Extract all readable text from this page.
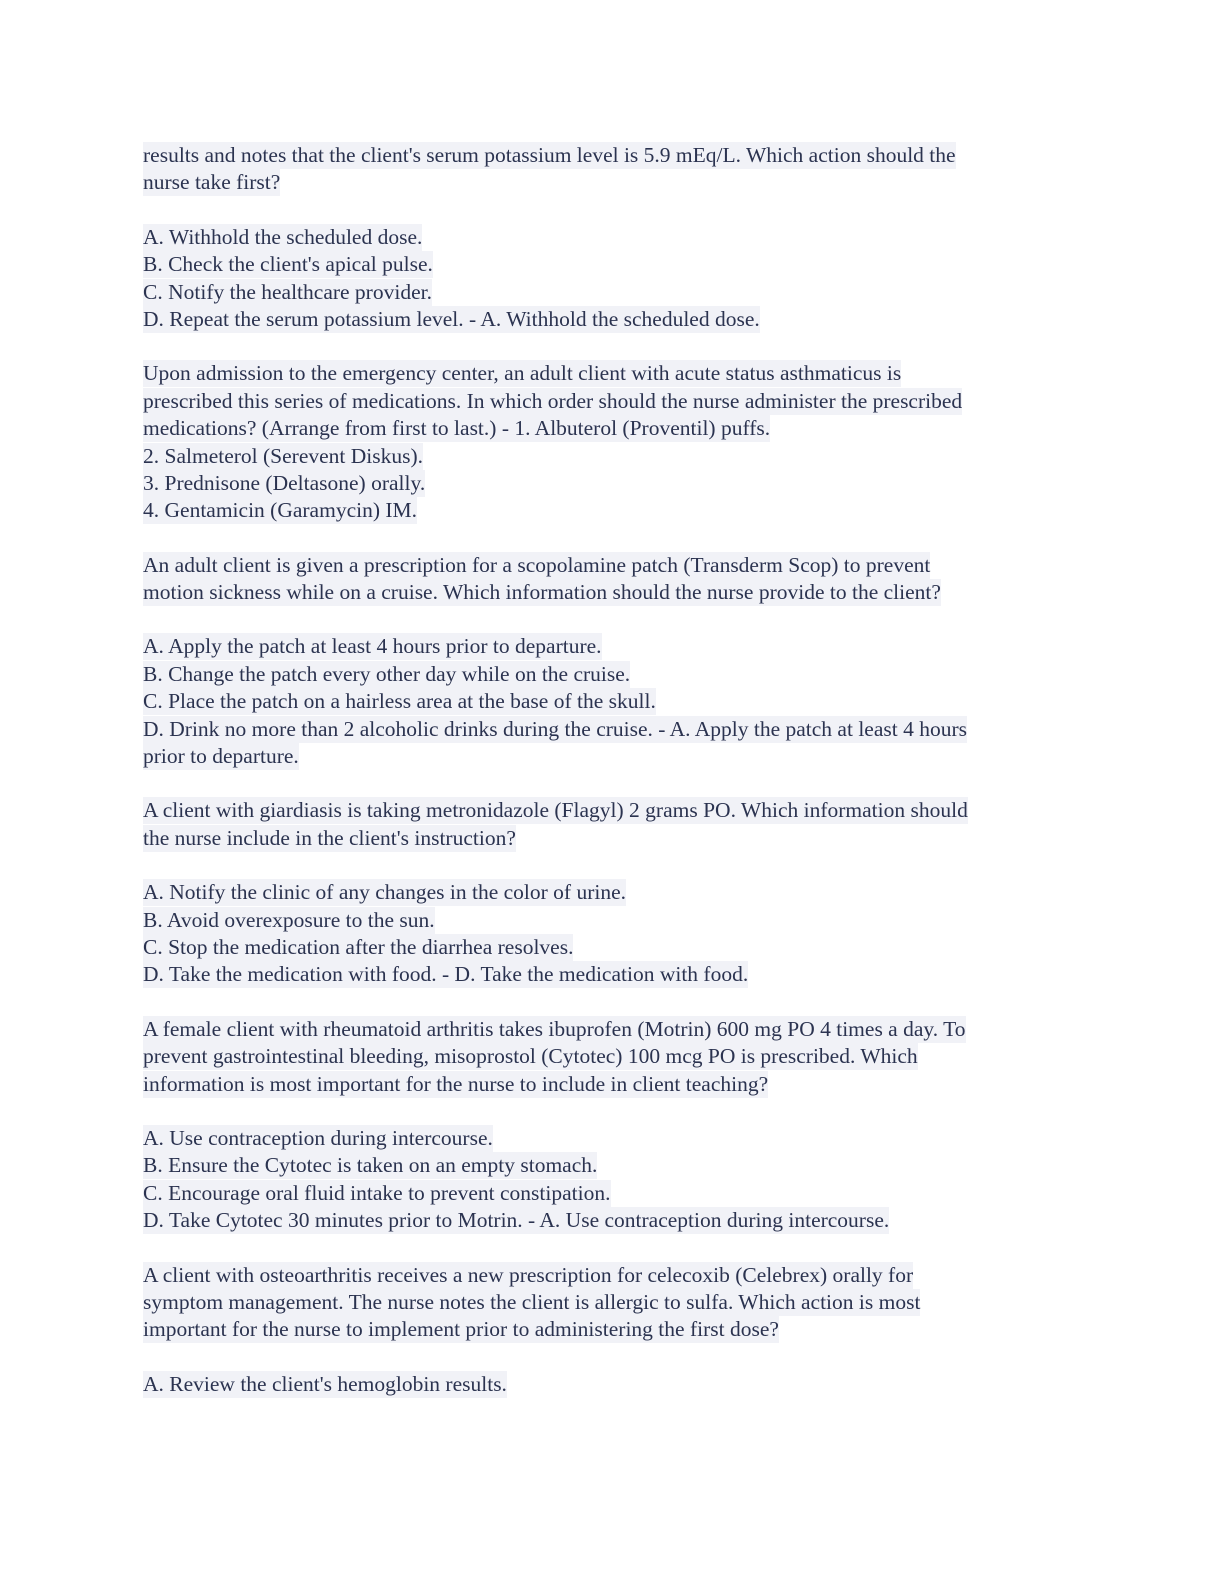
results and notes that the client's serum potassium level is 5.9 mEq/L. Which action should the
nurse take first?
A. Withhold the scheduled dose.
B. Check the client's apical pulse.
C. Notify the healthcare provider.
D. Repeat the serum potassium level. - A. Withhold the scheduled dose.
Upon admission to the emergency center, an adult client with acute status asthmaticus is
prescribed this series of medications. In which order should the nurse administer the prescribed
medications? (Arrange from first to last.) - 1. Albuterol (Proventil) puffs.
2. Salmeterol (Serevent Diskus).
3. Prednisone (Deltasone) orally.
4. Gentamicin (Garamycin) IM.
An adult client is given a prescription for a scopolamine patch (Transderm Scop) to prevent
motion sickness while on a cruise. Which information should the nurse provide to the client?
A. Apply the patch at least 4 hours prior to departure.
B. Change the patch every other day while on the cruise.
C. Place the patch on a hairless area at the base of the skull.
D. Drink no more than 2 alcoholic drinks during the cruise. - A. Apply the patch at least 4 hours
prior to departure.
A client with giardiasis is taking metronidazole (Flagyl) 2 grams PO. Which information should
the nurse include in the client's instruction?
A. Notify the clinic of any changes in the color of urine.
B. Avoid overexposure to the sun.
C. Stop the medication after the diarrhea resolves.
D. Take the medication with food. - D. Take the medication with food.
A female client with rheumatoid arthritis takes ibuprofen (Motrin) 600 mg PO 4 times a day. To
prevent gastrointestinal bleeding, misoprostol (Cytotec) 100 mcg PO is prescribed. Which
information is most important for the nurse to include in client teaching?
A. Use contraception during intercourse.
B. Ensure the Cytotec is taken on an empty stomach.
C. Encourage oral fluid intake to prevent constipation.
D. Take Cytotec 30 minutes prior to Motrin. - A. Use contraception during intercourse.
A client with osteoarthritis receives a new prescription for celecoxib (Celebrex) orally for
symptom management. The nurse notes the client is allergic to sulfa. Which action is most
important for the nurse to implement prior to administering the first dose?
A. Review the client's hemoglobin results.
